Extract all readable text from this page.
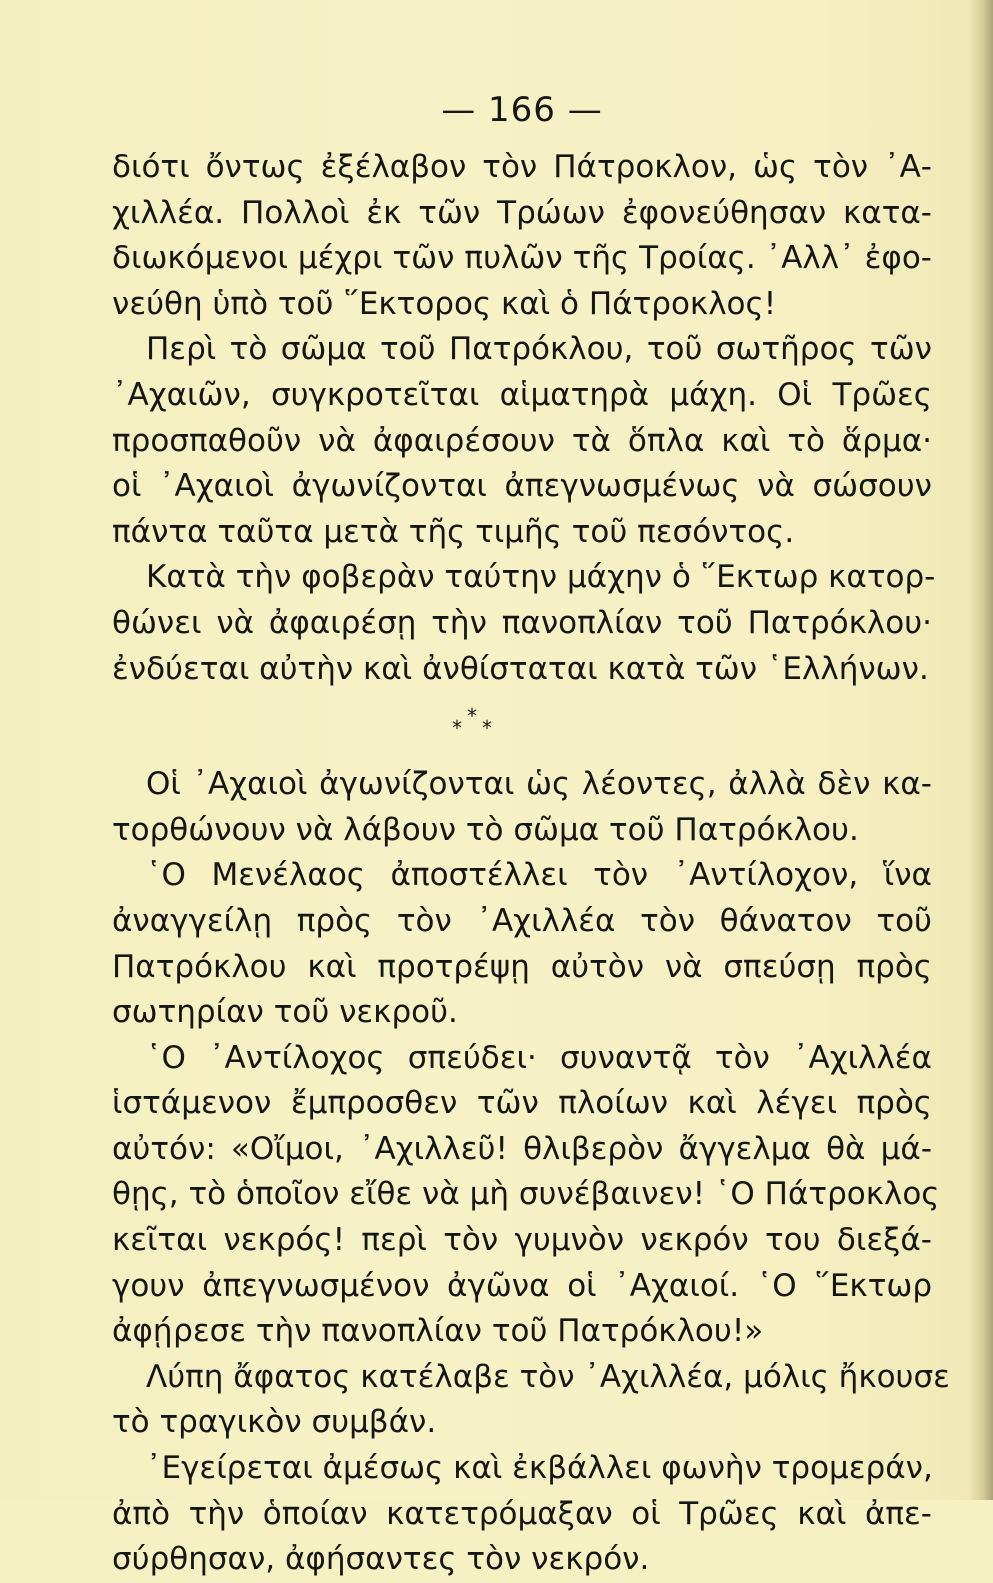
— 166 —
διότι ὄντως ἐξέλαβον τὸν Πάτροκλον, ὡς τὸν ᾿Α-
χιλλέα. Πολλοὶ ἐκ τῶν Τρώων ἐφονεύθησαν κατα-
διωκόμενοι μέχρι τῶν πυλῶν τῆς Τροίας. ᾿Αλλ᾿ ἐφο-
νεύθη ὑπὸ τοῦ ῞Εκτορος καὶ ὁ Πάτροκλος!
Περὶ τὸ σῶμα τοῦ Πατρόκλου, τοῦ σωτῆρος τῶν
᾿Αχαιῶν, συγκροτεῖται αἱματηρὰ μάχη. Οἱ Τρῶες
προσπαθοῦν νὰ ἀφαιρέσουν τὰ ὅπλα καὶ τὸ ἅρμα·
οἱ ᾿Αχαιοὶ ἀγωνίζονται ἀπεγνωσμένως νὰ σώσουν
πάντα ταῦτα μετὰ τῆς τιμῆς τοῦ πεσόντος.
Κατὰ τὴν φοβερὰν ταύτην μάχην ὁ ῞Εκτωρ κατορ-
θώνει νὰ ἀφαιρέσῃ τὴν πανοπλίαν τοῦ Πατρόκλου·
ἐνδύεται αὐτὴν καὶ ἀνθίσταται κατὰ τῶν ῾Ελλήνων.
*
* *
Οἱ ᾿Αχαιοὶ ἀγωνίζονται ὡς λέοντες, ἀλλὰ δὲν κα-
τορθώνουν νὰ λάβουν τὸ σῶμα τοῦ Πατρόκλου.
῾Ο Μενέλαος ἀποστέλλει τὸν ᾿Αντίλοχον, ἵνα
ἀναγγείλῃ πρὸς τὸν ᾿Αχιλλέα τὸν θάνατον τοῦ
Πατρόκλου καὶ προτρέψῃ αὐτὸν νὰ σπεύσῃ πρὸς
σωτηρίαν τοῦ νεκροῦ.
῾Ο ᾿Αντίλοχος σπεύδει· συναντᾷ τὸν ᾿Αχιλλέα
ἱστάμενον ἔμπροσθεν τῶν πλοίων καὶ λέγει πρὸς
αὐτόν: «Οἴμοι, ᾿Αχιλλεῦ! θλιβερὸν ἄγγελμα θὰ μά-
θῃς, τὸ ὁποῖον εἴθε νὰ μὴ συνέβαινεν! ῾Ο Πάτροκλος
κεῖται νεκρός! περὶ τὸν γυμνὸν νεκρόν του διεξά-
γουν ἀπεγνωσμένον ἀγῶνα οἱ ᾿Αχαιοί. ῾Ο ῞Εκτωρ
ἀφῄρεσε τὴν πανοπλίαν τοῦ Πατρόκλου!»
Λύπη ἄφατος κατέλαβε τὸν ᾿Αχιλλέα, μόλις ἤκουσε
τὸ τραγικὸν συμβάν.
᾿Εγείρεται ἀμέσως καὶ ἐκβάλλει φωνὴν τρομεράν,
ἀπὸ τὴν ὁποίαν κατετρόμαξαν οἱ Τρῶες καὶ ἀπε-
σύρθησαν, ἀφήσαντες τὸν νεκρόν.
